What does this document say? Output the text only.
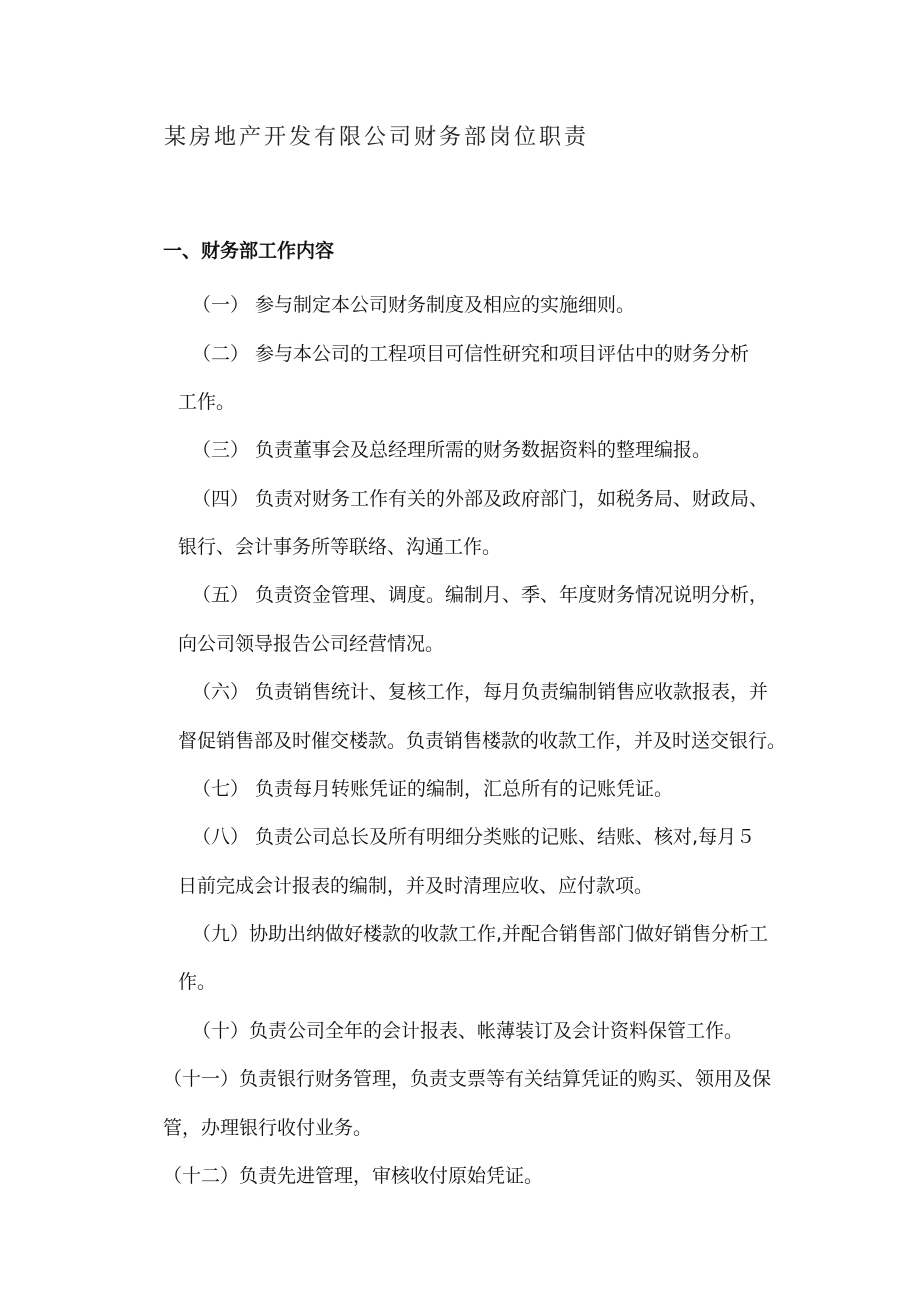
某房地产开发有限公司财务部岗位职责
一、财务部工作内容
（一） 参与制定本公司财务制度及相应的实施细则。
（二） 参与本公司的工程项目可信性研究和项目评估中的财务分析
工作。
（三） 负责董事会及总经理所需的财务数据资料的整理编报。
（四） 负责对财务工作有关的外部及政府部门，如税务局、财政局、
银行、会计事务所等联络、沟通工作。
（五） 负责资金管理、调度。编制月、季、年度财务情况说明分析，
向公司领导报告公司经营情况。
（六） 负责销售统计、复核工作，每月负责编制销售应收款报表，并
督促销售部及时催交楼款。负责销售楼款的收款工作，并及时送交银行。
（七） 负责每月转账凭证的编制，汇总所有的记账凭证。
（八） 负责公司总长及所有明细分类账的记账、结账、核对,每月５
日前完成会计报表的编制，并及时清理应收、应付款项。
（九）协助出纳做好楼款的收款工作,并配合销售部门做好销售分析工
作。
（十）负责公司全年的会计报表、帐薄装订及会计资料保管工作。
（十一）负责银行财务管理，负责支票等有关结算凭证的购买、领用及保
管，办理银行收付业务。
（十二）负责先进管理，审核收付原始凭证。
